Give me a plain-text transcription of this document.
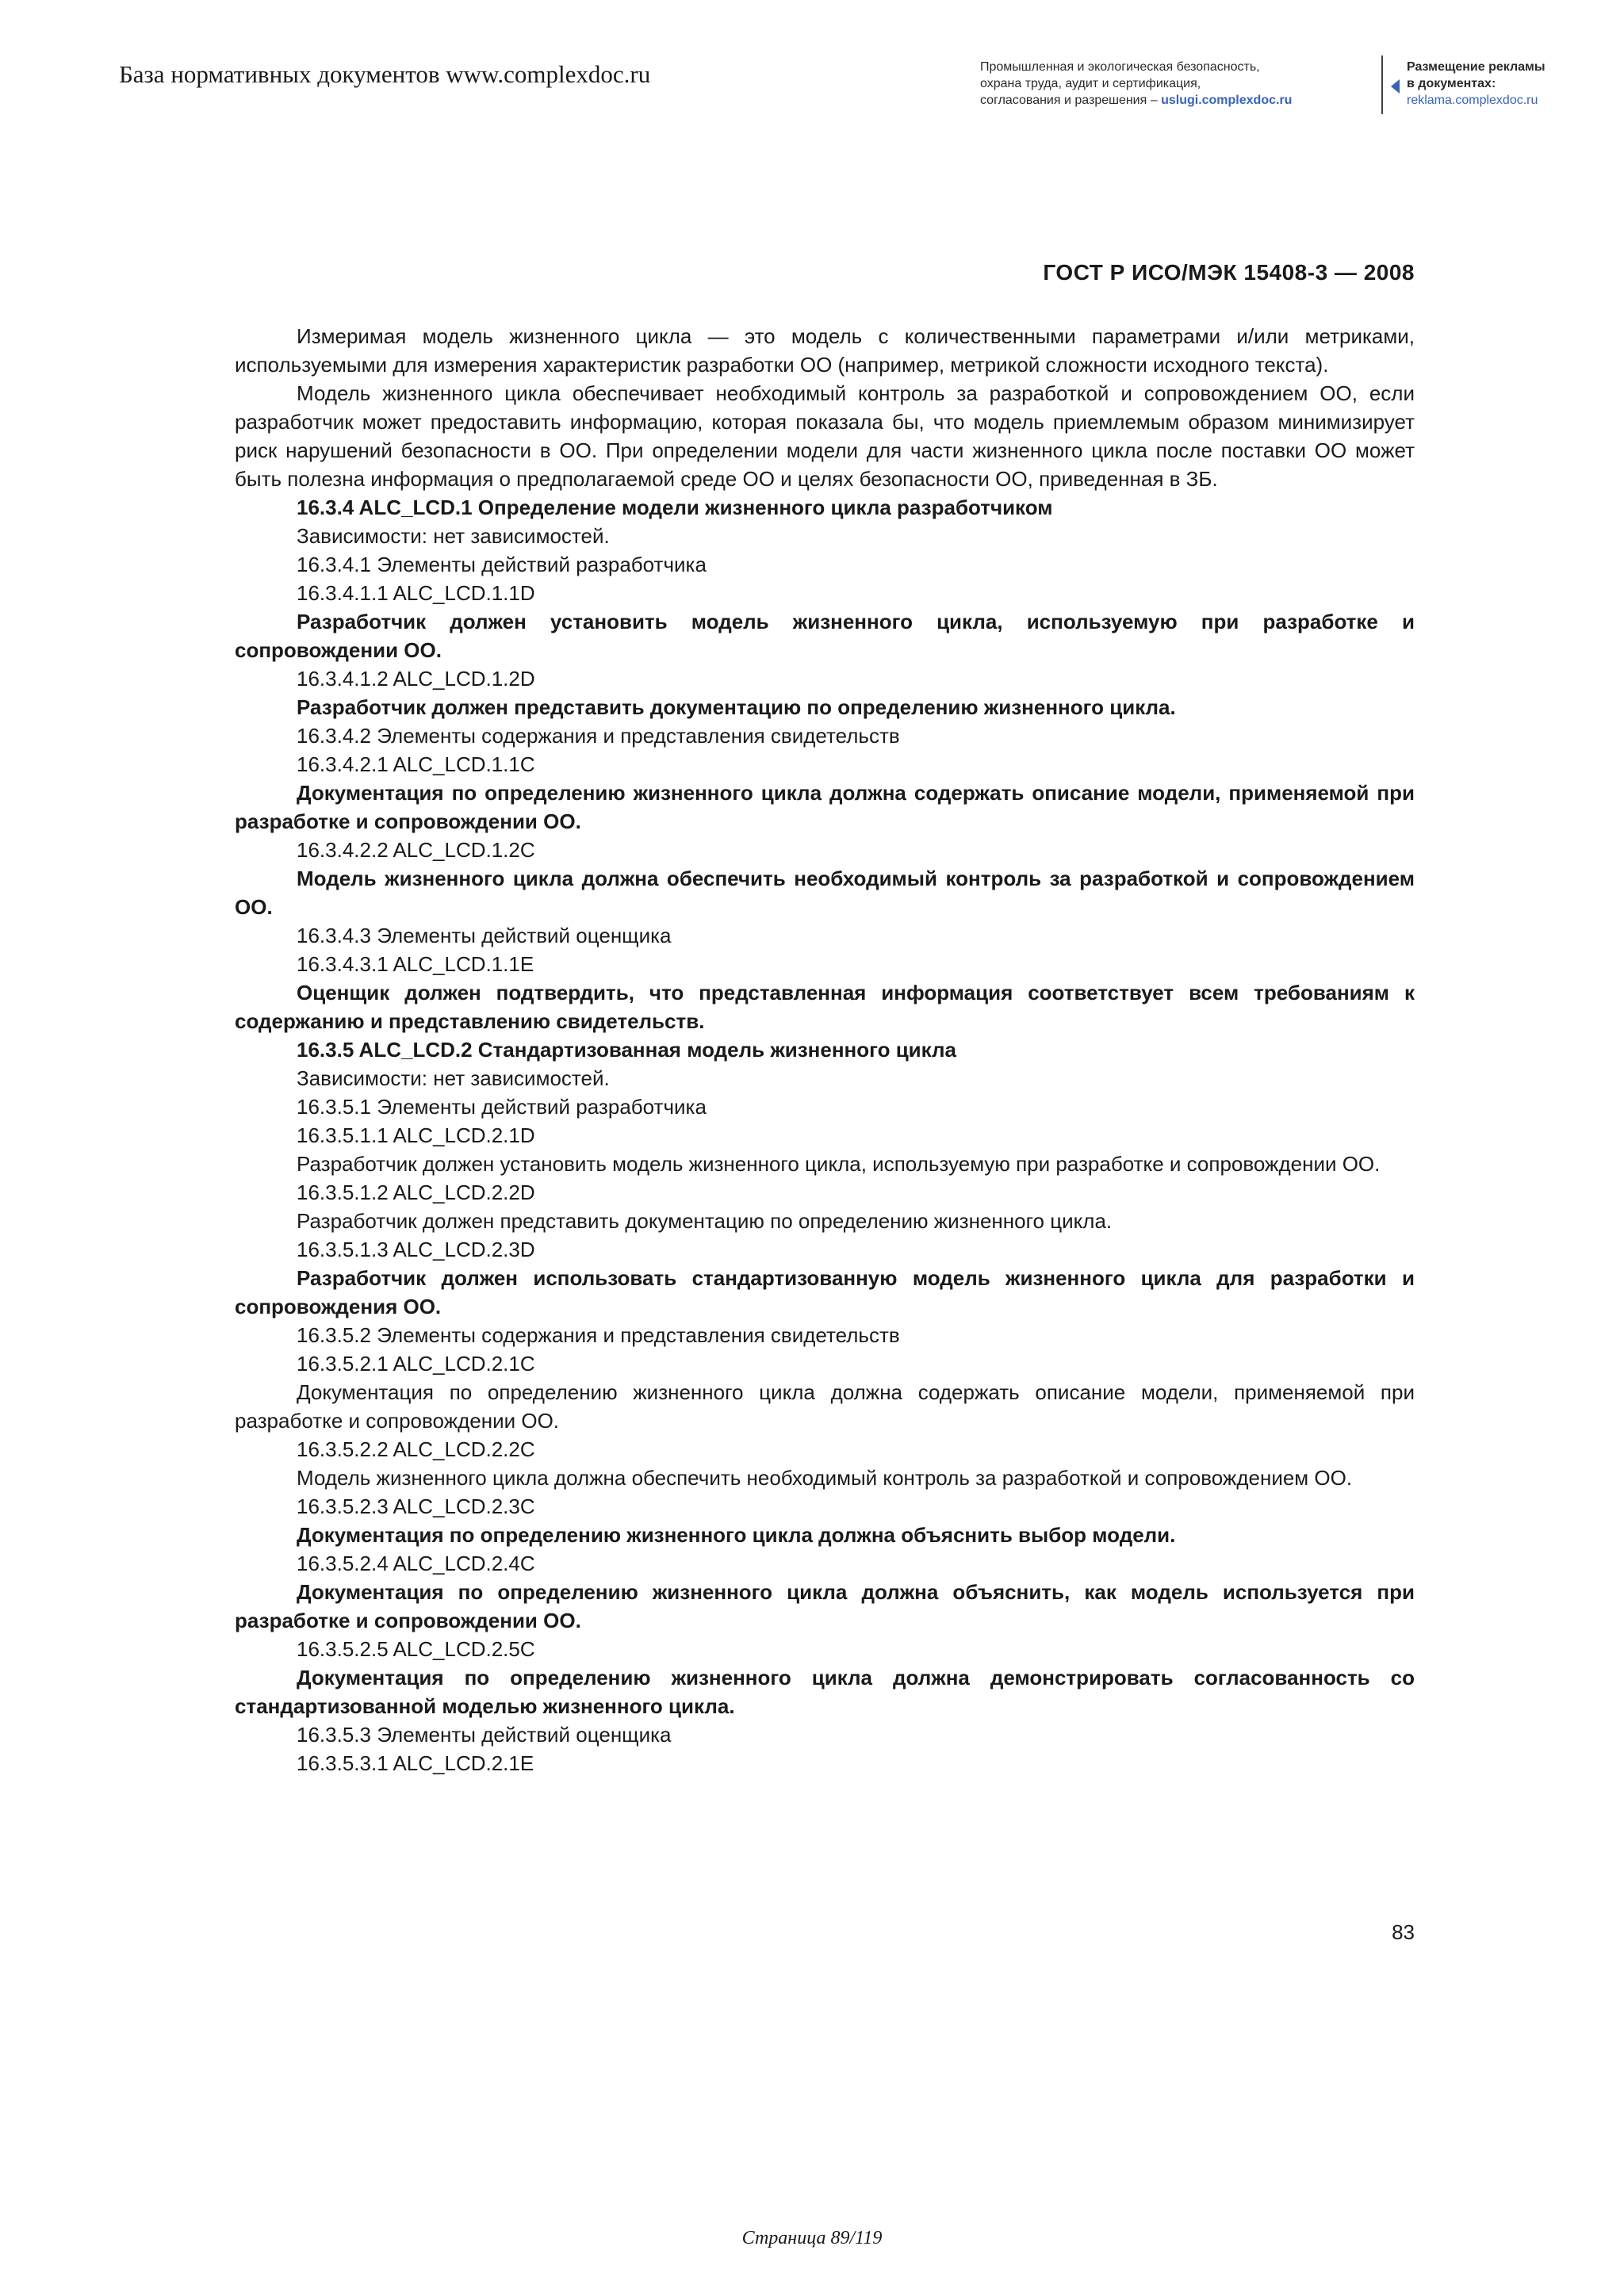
База нормативных документов www.complexdoc.ru	Промышленная и экологическая безопасность,
охрана труда, аудит и сертификация,
согласования и разрешения – uslugi.complexdoc.ru
Размещение рекламы
в документах:
reklama.complexdoc.ru
ГОСТ Р ИСО/МЭК 15408-3 — 2008

Измеримая модель жизненного цикла — это модель с количественными параметрами и/или метриками, используемыми для измерения характеристик разработки ОО (например, метрикой сложности исходного текста).

Модель жизненного цикла обеспечивает необходимый контроль за разработкой и сопровождением ОО, если разработчик может предоставить информацию, которая показала бы, что модель приемлемым образом минимизирует риск нарушений безопасности в ОО. При определении модели для части жизненного цикла после поставки ОО может быть полезна информация о предполагаемой среде ОО и целях безопасности ОО, приведенная в ЗБ.

16.3.4 ALC_LCD.1 Определение модели жизненного цикла разработчиком

Зависимости: нет зависимостей.

16.3.4.1 Элементы действий разработчика

16.3.4.1.1 ALC_LCD.1.1D

Разработчик должен установить модель жизненного цикла, используемую при разработке и сопровождении ОО.

16.3.4.1.2 ALC_LCD.1.2D

Разработчик должен представить документацию по определению жизненного цикла.

16.3.4.2 Элементы содержания и представления свидетельств

16.3.4.2.1 ALC_LCD.1.1C

Документация по определению жизненного цикла должна содержать описание модели, применяемой при разработке и сопровождении ОО.

16.3.4.2.2 ALC_LCD.1.2C

Модель жизненного цикла должна обеспечить необходимый контроль за разработкой и сопровождением ОО.

16.3.4.3 Элементы действий оценщика

16.3.4.3.1 ALC_LCD.1.1E

Оценщик должен подтвердить, что представленная информация соответствует всем требованиям к содержанию и представлению свидетельств.

16.3.5 ALC_LCD.2 Стандартизованная модель жизненного цикла

Зависимости: нет зависимостей.

16.3.5.1 Элементы действий разработчика

16.3.5.1.1 ALC_LCD.2.1D

Разработчик должен установить модель жизненного цикла, используемую при разработке и сопровождении ОО.

16.3.5.1.2 ALC_LCD.2.2D

Разработчик должен представить документацию по определению жизненного цикла.

16.3.5.1.3 ALC_LCD.2.3D

Разработчик должен использовать стандартизованную модель жизненного цикла для разработки и сопровождения ОО.

16.3.5.2 Элементы содержания и представления свидетельств

16.3.5.2.1 ALC_LCD.2.1C

Документация по определению жизненного цикла должна содержать описание модели, применяемой при разработке и сопровождении ОО.

16.3.5.2.2 ALC_LCD.2.2C

Модель жизненного цикла должна обеспечить необходимый контроль за разработкой и сопровождением ОО.

16.3.5.2.3 ALC_LCD.2.3C

Документация по определению жизненного цикла должна объяснить выбор модели.

16.3.5.2.4 ALC_LCD.2.4C

Документация по определению жизненного цикла должна объяснить, как модель используется при разработке и сопровождении ОО.

16.3.5.2.5 ALC_LCD.2.5C

Документация по определению жизненного цикла должна демонстрировать согласованность со стандартизованной моделью жизненного цикла.

16.3.5.3 Элементы действий оценщика

16.3.5.3.1 ALC_LCD.2.1E

83
Страница 89/119
